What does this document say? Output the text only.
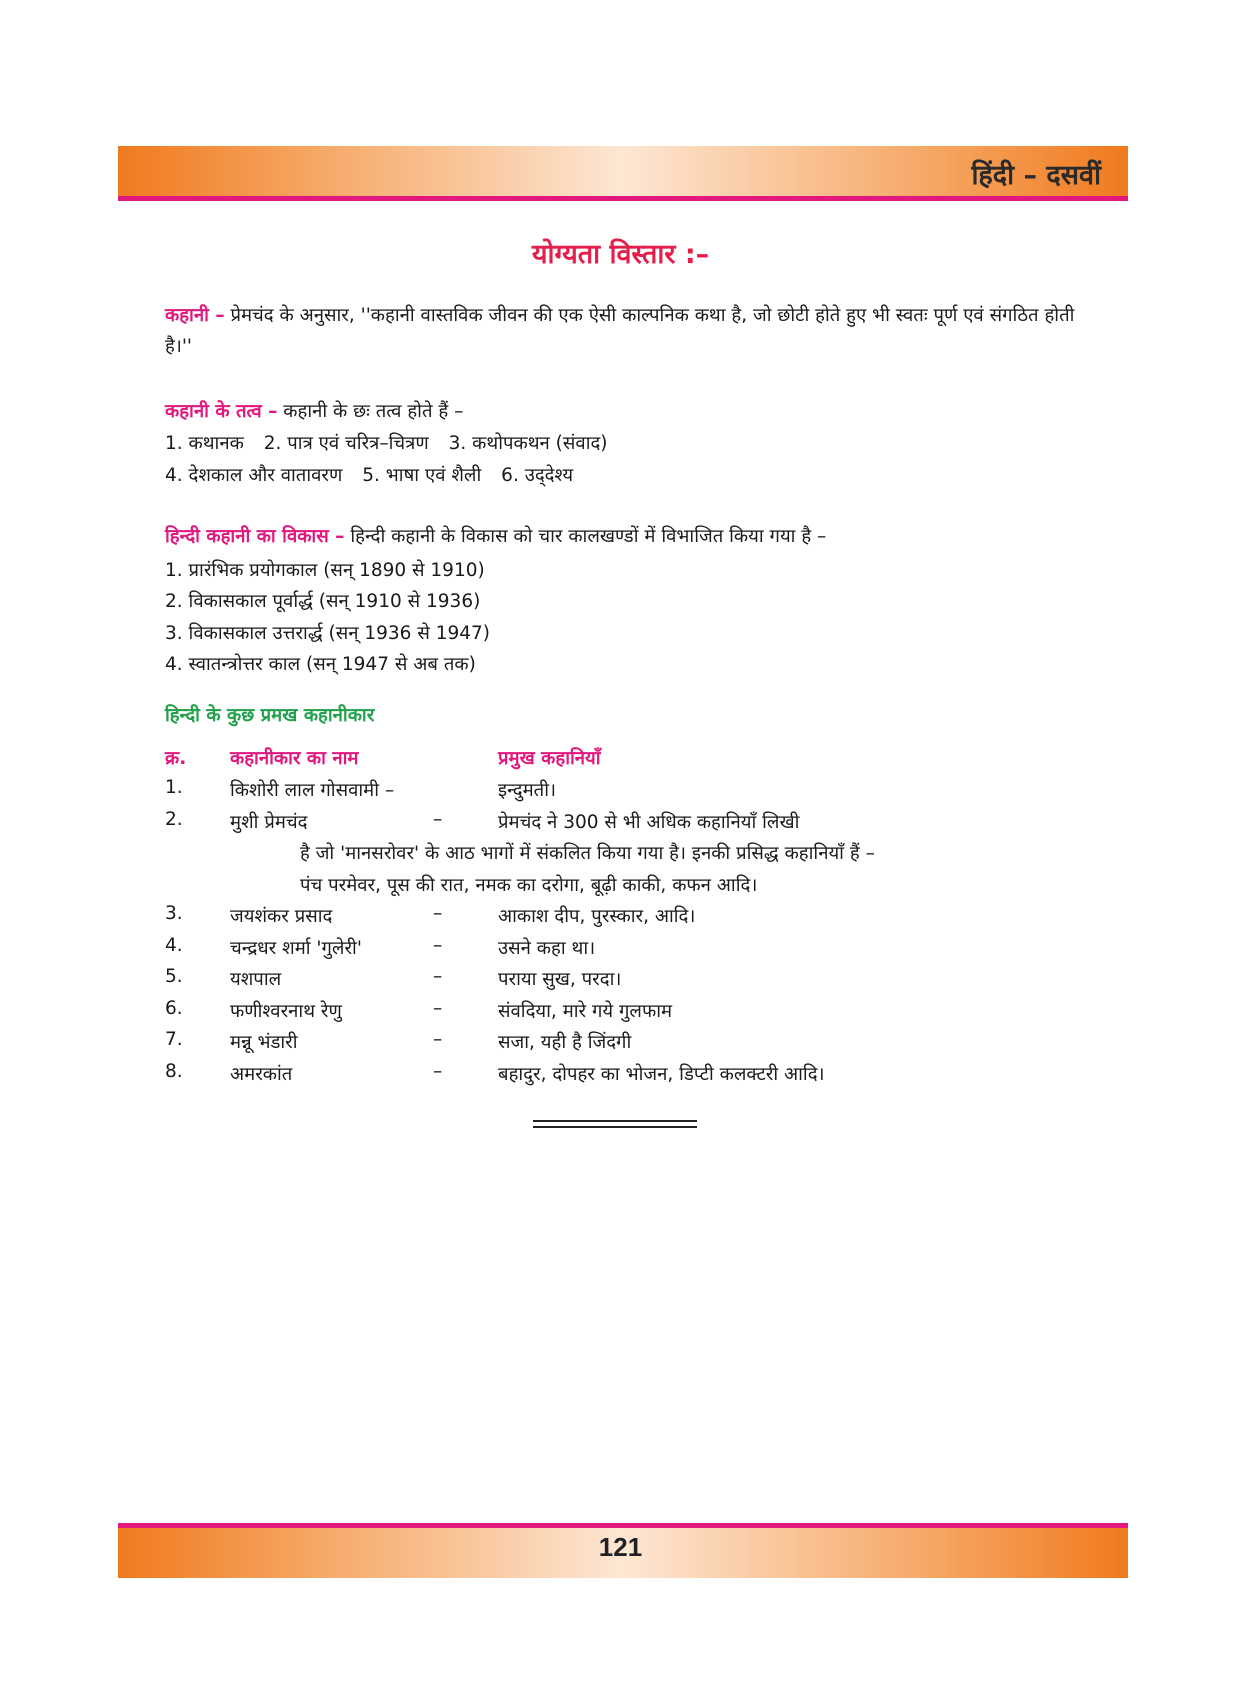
हिंदी – दसवीं
योग्यता विस्तार :–
कहानी – प्रेमचंद के अनुसार, ''कहानी वास्तविक जीवन की एक ऐसी काल्पनिक कथा है, जो छोटी होते हुए भी स्वतः पूर्ण एवं संगठित होती है।''
कहानी के तत्व – कहानी के छः तत्व होते हैं –
1. कथानक 2. पात्र एवं चरित्र–चित्रण 3. कथोपकथन (संवाद)
4. देशकाल और वातावरण 5. भाषा एवं शैली 6. उद्‌देश्य
हिन्दी कहानी का विकास – हिन्दी कहानी के विकास को चार कालखण्डों में विभाजित किया गया है –
1. प्रारंभिक प्रयोगकाल (सन् 1890 से 1910)
2. विकासकाल पूर्वार्द्ध (सन् 1910 से 1936)
3. विकासकाल उत्तरार्द्ध (सन् 1936 से 1947)
4. स्वातन्त्रोत्तर काल (सन् 1947 से अब तक)
हिन्दी के कुछ प्रमख कहानीकार
क्र. कहानीकार का नाम	प्रमुख कहानियाँ
1.	किशोरी लाल गोसवामी –	इन्दुमती।
2.	मुशी प्रेमचंद	–	प्रेमचंद ने 300 से भी अधिक कहानियाँ लिखी
है जो 'मानसरोवर' के आठ भागों में संकलित किया गया है। इनकी प्रसिद्ध कहानियाँ हैं –
पंच परमेवर, पूस की रात, नमक का दरोगा, बूढ़ी काकी, कफन आदि।
3.	जयशंकर प्रसाद	–	आकाश दीप, पुरस्कार, आदि।
4.	चन्द्रधर शर्मा 'गुलेरी'	–	उसने कहा था।
5.	यशपाल	–	पराया सुख, परदा।
6.	फणीश्वरनाथ रेणु	–	संवदिया, मारे गये गुलफाम
7.	मन्नू भंडारी	–	सजा, यही है जिंदगी
8.	अमरकांत	–	बहादुर, दोपहर का भोजन, डिप्टी कलक्टरी आदि।
121
